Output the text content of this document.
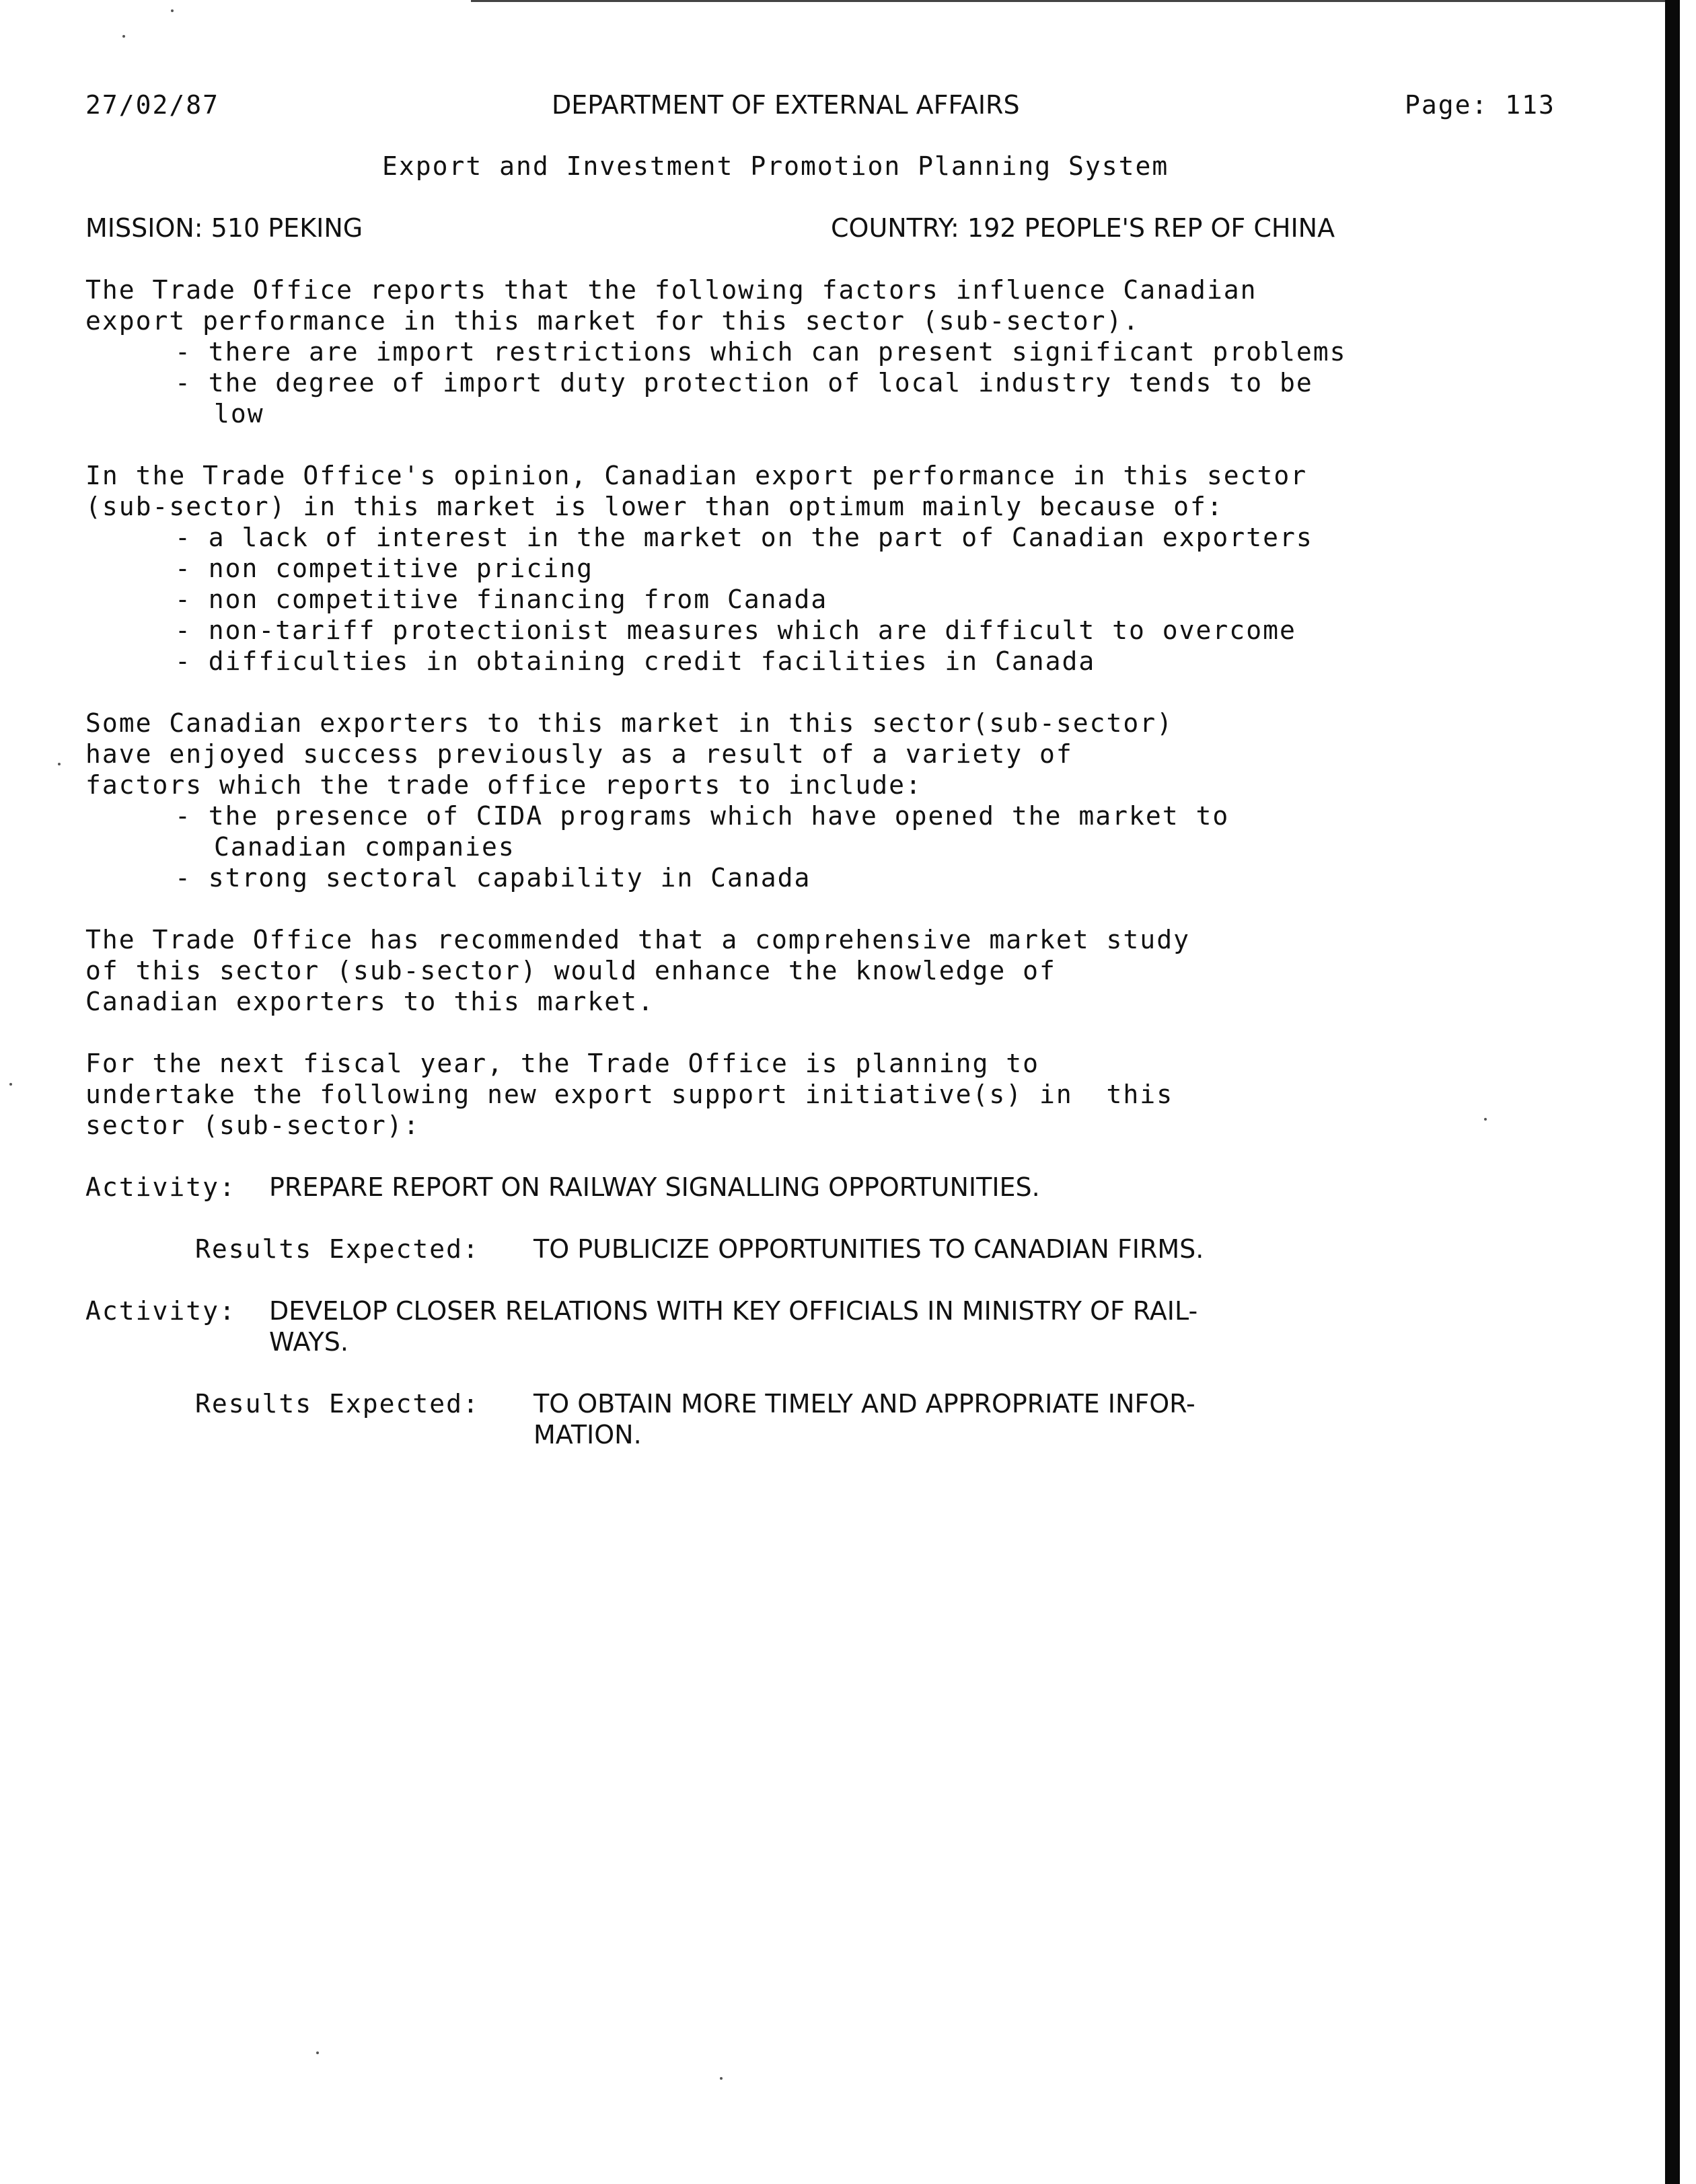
27/02/87	DEPARTMENT OF EXTERNAL AFFAIRS	Page: 113
Export and Investment Promotion Planning System
MISSION: 510 PEKING	COUNTRY: 192 PEOPLE'S REP OF CHINA
The Trade Office reports that the following factors influence Canadian
export performance in this market for this sector (sub-sector).
- there are import restrictions which can present significant problems
- the degree of import duty protection of local industry tends to be
low
In the Trade Office's opinion, Canadian export performance in this sector
(sub-sector) in this market is lower than optimum mainly because of:
- a lack of interest in the market on the part of Canadian exporters
- non competitive pricing
- non competitive financing from Canada
- non-tariff protectionist measures which are difficult to overcome
- difficulties in obtaining credit facilities in Canada
Some Canadian exporters to this market in this sector(sub-sector)
have enjoyed success previously as a result of a variety of
factors which the trade office reports to include:
- the presence of CIDA programs which have opened the market to
Canadian companies
- strong sectoral capability in Canada
The Trade Office has recommended that a comprehensive market study
of this sector (sub-sector) would enhance the knowledge of
Canadian exporters to this market.
For the next fiscal year, the Trade Office is planning to
undertake the following new export support initiative(s) in  this
sector (sub-sector):
Activity: PREPARE REPORT ON RAILWAY SIGNALLING OPPORTUNITIES.
Results Expected: TO PUBLICIZE OPPORTUNITIES TO CANADIAN FIRMS.
Activity: DEVELOP CLOSER RELATIONS WITH KEY OFFICIALS IN MINISTRY OF RAIL-
WAYS.
Results Expected: TO OBTAIN MORE TIMELY AND APPROPRIATE INFOR-
MATION.
